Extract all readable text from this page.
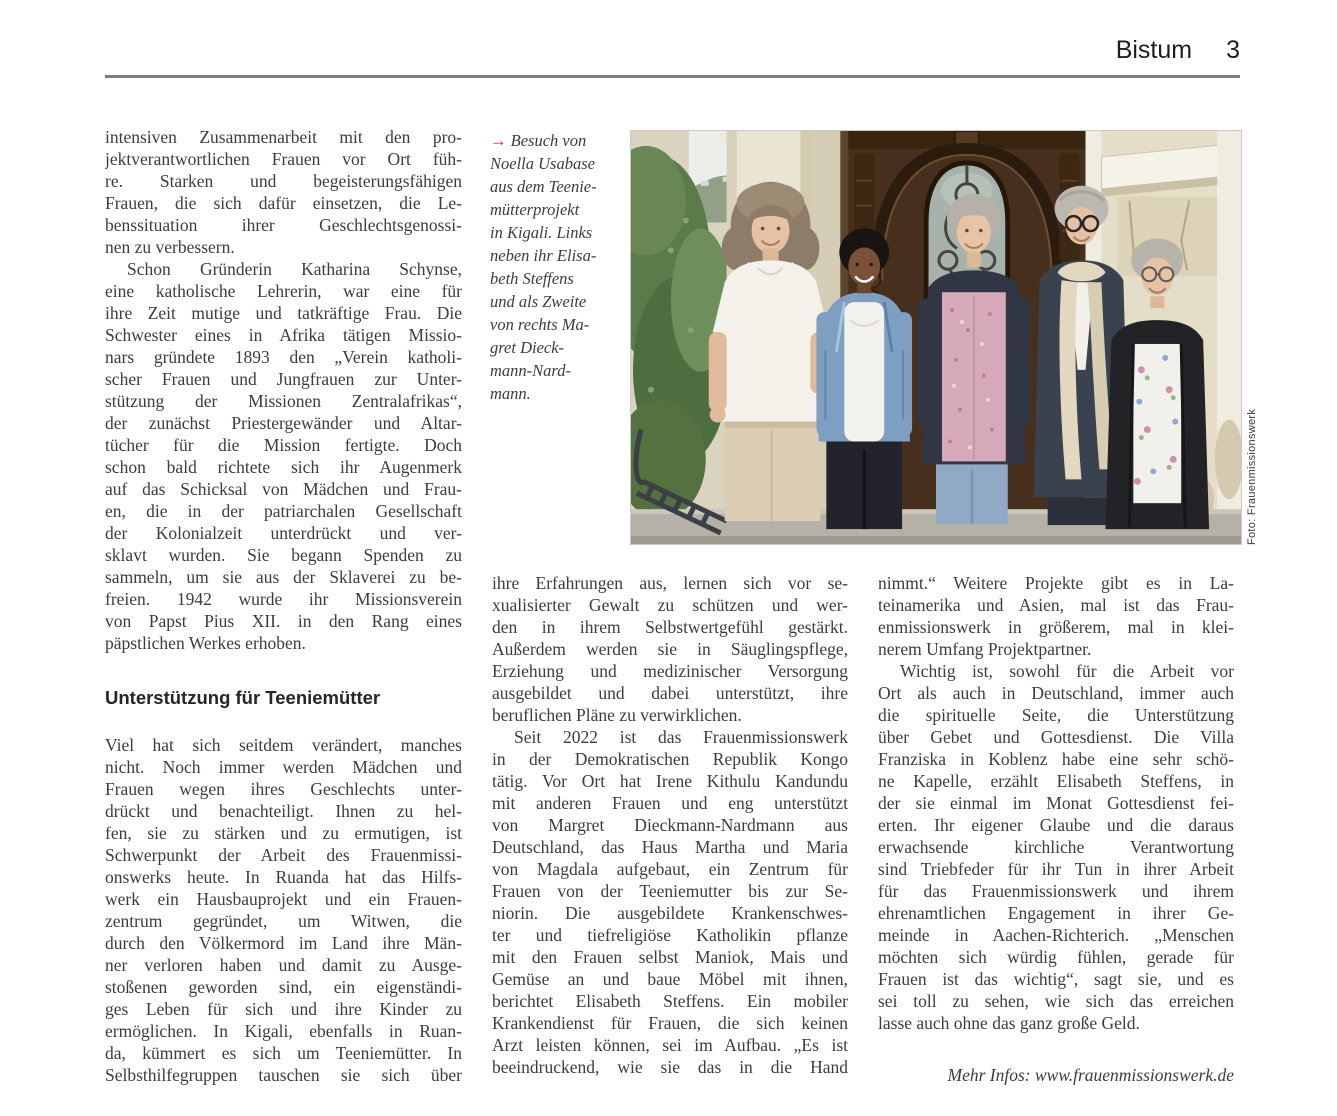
Bistum 3
intensiven Zusammenarbeit mit den pro-
jektverantwortlichen Frauen vor Ort füh-
re. Starken und begeisterungsfähigen
Frauen, die sich dafür einsetzen, die Le-
benssituation ihrer Geschlechtsgenossi-
nen zu verbessern.
Schon Gründerin Katharina Schynse,
eine katholische Lehrerin, war eine für
ihre Zeit mutige und tatkräftige Frau. Die
Schwester eines in Afrika tätigen Missio-
nars gründete 1893 den „Verein katholi-
scher Frauen und Jungfrauen zur Unter-
stützung der Missionen Zentralafrikas“,
der zunächst Priestergewänder und Altar-
tücher für die Mission fertigte. Doch
schon bald richtete sich ihr Augenmerk
auf das Schicksal von Mädchen und Frau-
en, die in der patriarchalen Gesellschaft
der Kolonialzeit unterdrückt und ver-
sklavt wurden. Sie begann Spenden zu
sammeln, um sie aus der Sklaverei zu be-
freien. 1942 wurde ihr Missionsverein
von Papst Pius XII. in den Rang eines
päpstlichen Werkes erhoben.
Unterstützung für Teeniemütter
Viel hat sich seitdem verändert, manches
nicht. Noch immer werden Mädchen und
Frauen wegen ihres Geschlechts unter-
drückt und benachteiligt. Ihnen zu hel-
fen, sie zu stärken und zu ermutigen, ist
Schwerpunkt der Arbeit des Frauenmissi-
onswerks heute. In Ruanda hat das Hilfs-
werk ein Hausbauprojekt und ein Frauen-
zentrum gegründet, um Witwen, die
durch den Völkermord im Land ihre Män-
ner verloren haben und damit zu Ausge-
stoßenen geworden sind, ein eigenständi-
ges Leben für sich und ihre Kinder zu
ermöglichen. In Kigali, ebenfalls in Ruan-
da, kümmert es sich um Teeniemütter. In
Selbsthilfegruppen tauschen sie sich über
→ Besuch von
Noella Usabase
aus dem Teenie-
mütterprojekt
in Kigali. Links
neben ihr Elisa-
beth Steffens
und als Zweite
von rechts Ma-
gret Dieck-
mann-Nard-
mann.
Foto: Frauenmissionswerk
ihre Erfahrungen aus, lernen sich vor se-
xualisierter Gewalt zu schützen und wer-
den in ihrem Selbstwertgefühl gestärkt.
Außerdem werden sie in Säuglingspflege,
Erziehung und medizinischer Versorgung
ausgebildet und dabei unterstützt, ihre
beruflichen Pläne zu verwirklichen.
Seit 2022 ist das Frauenmissionswerk
in der Demokratischen Republik Kongo
tätig. Vor Ort hat Irene Kithulu Kandundu
mit anderen Frauen und eng unterstützt
von Margret Dieckmann-Nardmann aus
Deutschland, das Haus Martha und Maria
von Magdala aufgebaut, ein Zentrum für
Frauen von der Teeniemutter bis zur Se-
niorin. Die ausgebildete Krankenschwes-
ter und tiefreligiöse Katholikin pflanze
mit den Frauen selbst Maniok, Mais und
Gemüse an und baue Möbel mit ihnen,
berichtet Elisabeth Steffens. Ein mobiler
Krankendienst für Frauen, die sich keinen
Arzt leisten können, sei im Aufbau. „Es ist
beeindruckend, wie sie das in die Hand
nimmt.“ Weitere Projekte gibt es in La-
teinamerika und Asien, mal ist das Frau-
enmissionswerk in größerem, mal in klei-
nerem Umfang Projektpartner.
Wichtig ist, sowohl für die Arbeit vor
Ort als auch in Deutschland, immer auch
die spirituelle Seite, die Unterstützung
über Gebet und Gottesdienst. Die Villa
Franziska in Koblenz habe eine sehr schö-
ne Kapelle, erzählt Elisabeth Steffens, in
der sie einmal im Monat Gottesdienst fei-
erten. Ihr eigener Glaube und die daraus
erwachsende kirchliche Verantwortung
sind Triebfeder für ihr Tun in ihrer Arbeit
für das Frauenmissionswerk und ihrem
ehrenamtlichen Engagement in ihrer Ge-
meinde in Aachen-Richterich. „Menschen
möchten sich würdig fühlen, gerade für
Frauen ist das wichtig“, sagt sie, und es
sei toll zu sehen, wie sich das erreichen
lasse auch ohne das ganz große Geld.
Mehr Infos: www.frauenmissionswerk.de
